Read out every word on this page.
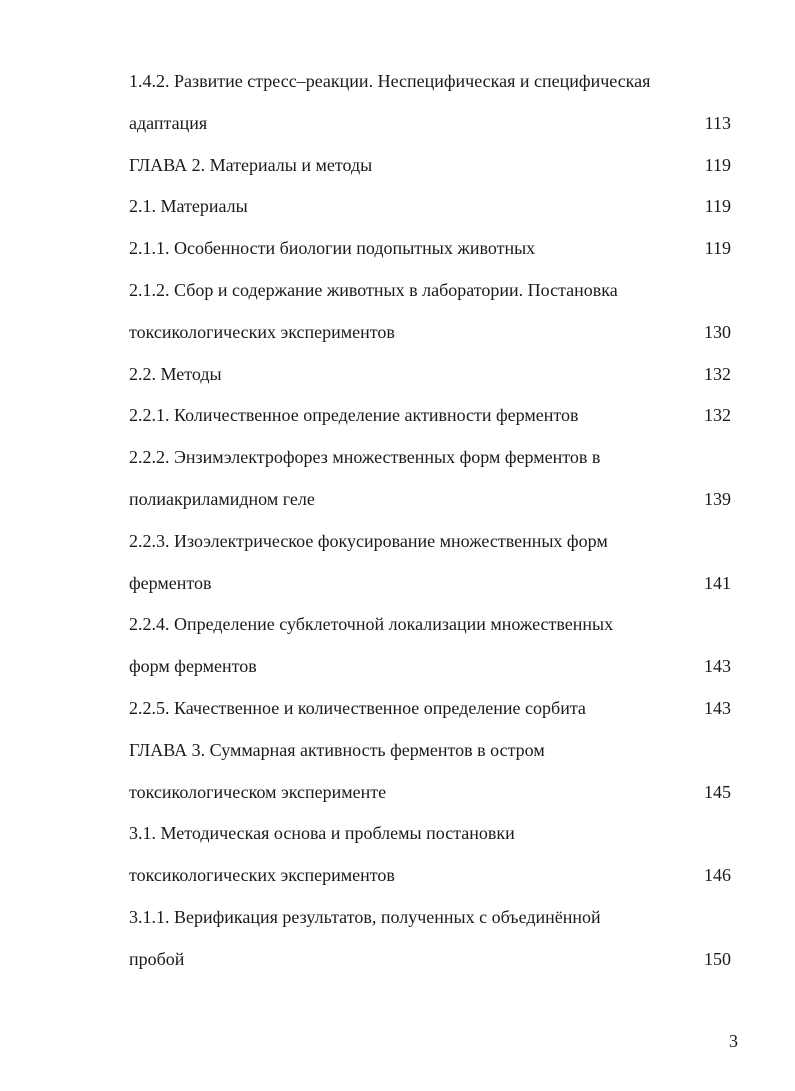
1.4.2. Развитие стресс–реакции. Неспецифическая и специфическая
адаптация	113
ГЛАВА 2. Материалы и методы	119
2.1. Материалы	119
2.1.1. Особенности биологии подопытных животных	119
2.1.2. Сбор и содержание животных в лаборатории. Постановка
токсикологических экспериментов	130
2.2. Методы	132
2.2.1. Количественное определение активности ферментов	132
2.2.2. Энзимэлектрофорез множественных форм ферментов в
полиакриламидном геле	139
2.2.3. Изоэлектрическое фокусирование множественных форм
ферментов	141
2.2.4. Определение субклеточной локализации множественных
форм ферментов	143
2.2.5. Качественное и количественное определение сорбита	143
ГЛАВА 3. Суммарная активность ферментов в остром
токсикологическом эксперименте	145
3.1. Методическая основа и проблемы постановки
токсикологических экспериментов	146
3.1.1. Верификация результатов, полученных с объединённой
пробой	150
3
